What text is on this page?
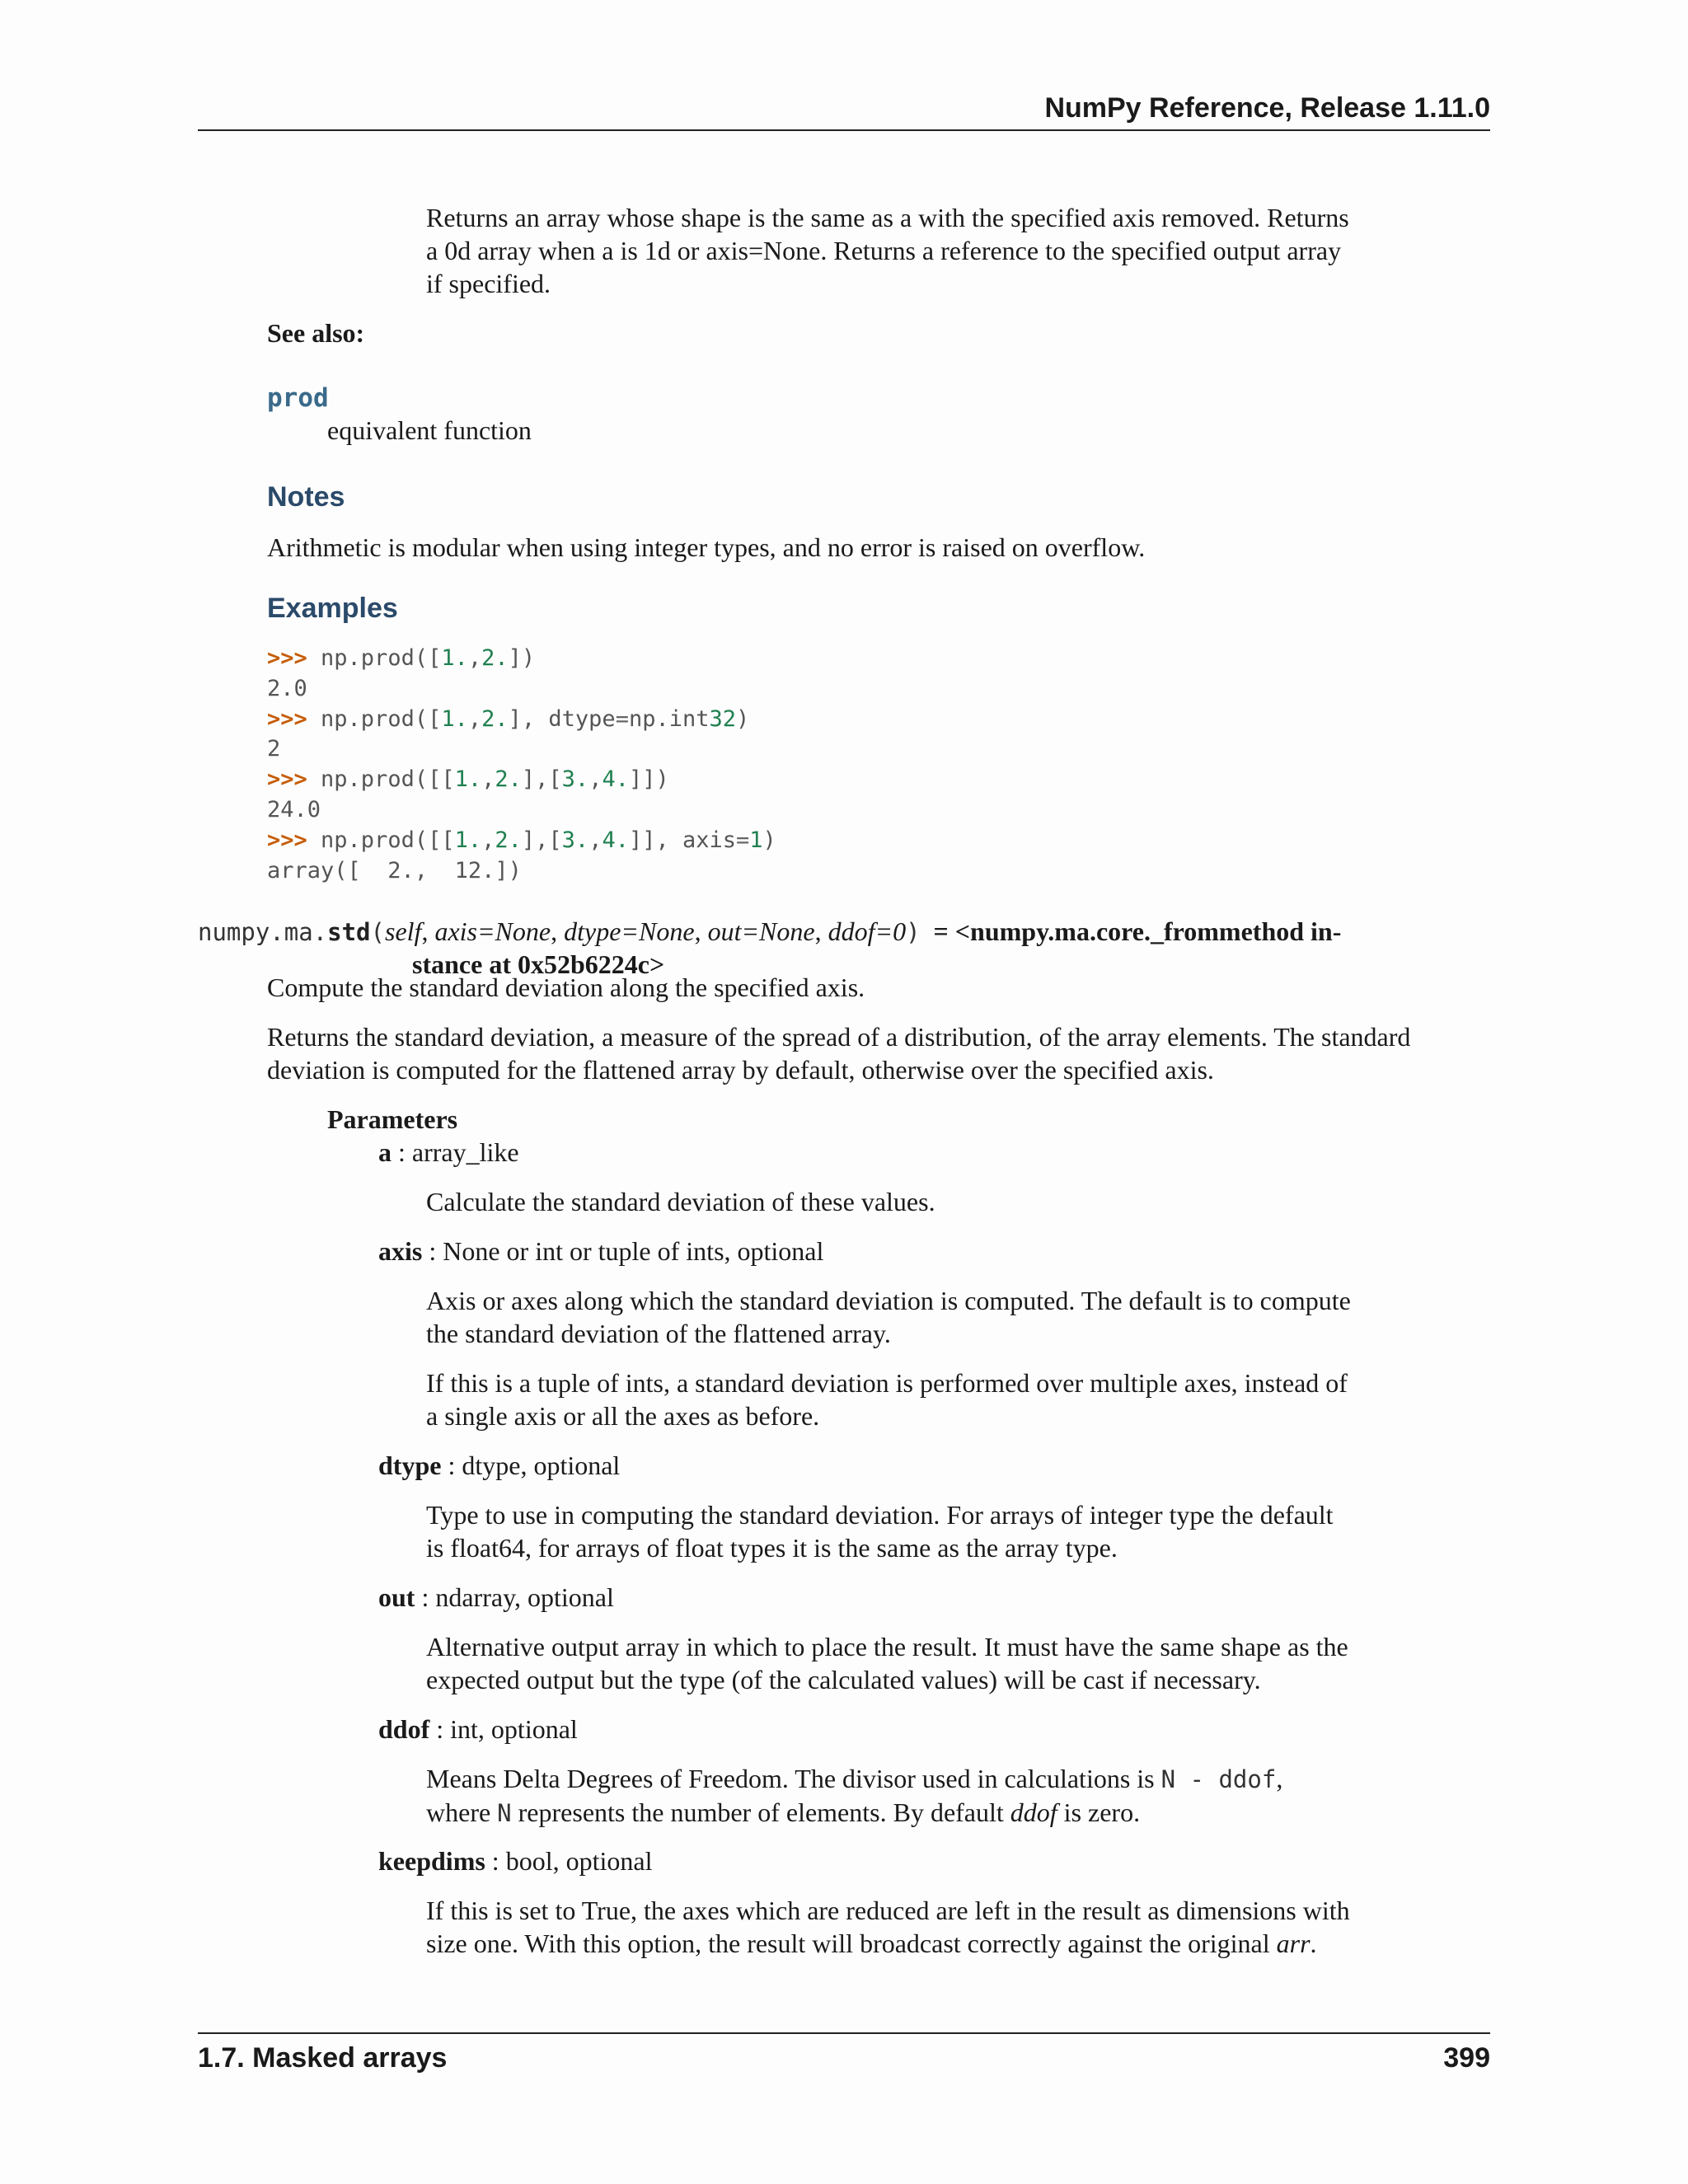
NumPy Reference, Release 1.11.0
Returns an array whose shape is the same as a with the specified axis removed. Returns
a 0d array when a is 1d or axis=None. Returns a reference to the specified output array
if specified.
See also:
prod
equivalent function
Notes
Arithmetic is modular when using integer types, and no error is raised on overflow.
Examples
>>> np.prod([1.,2.])
2.0
>>> np.prod([1.,2.], dtype=np.int32)
2
>>> np.prod([[1.,2.],[3.,4.]])
24.0
>>> np.prod([[1.,2.],[3.,4.]], axis=1)
array([  2.,  12.])
numpy.ma.std(self, axis=None, dtype=None, out=None, ddof=0) = <numpy.ma.core._frommethod in-
stance at 0x52b6224c>
Compute the standard deviation along the specified axis.
Returns the standard deviation, a measure of the spread of a distribution, of the array elements. The standard
deviation is computed for the flattened array by default, otherwise over the specified axis.
Parameters
a : array_like
Calculate the standard deviation of these values.
axis : None or int or tuple of ints, optional
Axis or axes along which the standard deviation is computed. The default is to compute
the standard deviation of the flattened array.
If this is a tuple of ints, a standard deviation is performed over multiple axes, instead of
a single axis or all the axes as before.
dtype : dtype, optional
Type to use in computing the standard deviation. For arrays of integer type the default
is float64, for arrays of float types it is the same as the array type.
out : ndarray, optional
Alternative output array in which to place the result. It must have the same shape as the
expected output but the type (of the calculated values) will be cast if necessary.
ddof : int, optional
Means Delta Degrees of Freedom. The divisor used in calculations is N - ddof,
where N represents the number of elements. By default ddof is zero.
keepdims : bool, optional
If this is set to True, the axes which are reduced are left in the result as dimensions with
size one. With this option, the result will broadcast correctly against the original arr.
1.7. Masked arrays	399
